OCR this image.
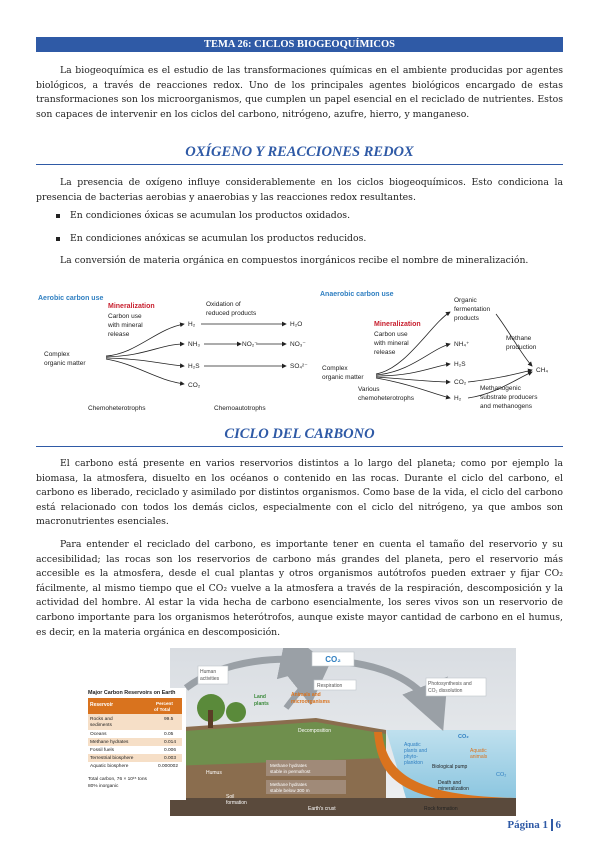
TEMA 26: CICLOS BIOGEOQUÍMICOS

La biogeoquímica es el estudio de las transformaciones químicas en el ambiente producidas por agentes biológicos, a través de reacciones redox. Uno de los principales agentes biológicos encargado de estas transformaciones son los microorganismos, que cumplen un papel esencial en el reciclado de nutrientes. Estos son capaces de intervenir en los ciclos del carbono, nitrógeno, azufre, hierro, y manganeso.

OXÍGENO Y REACCIONES REDOX

La presencia de oxígeno influye considerablemente en los ciclos biogeoquímicos. Esto condiciona la presencia de bacterias aerobias y anaerobias y las reacciones redox resultantes.

En condiciones óxicas se acumulan los productos oxidados.
En condiciones anóxicas se acumulan los productos reducidos.

La conversión de materia orgánica en compuestos inorgánicos recibe el nombre de mineralización.

Aerobic carbon use
Mineralization
Carbon use
with mineral
release
Complex
organic matter
H₂
NH₃
H₂S
CO₂
Oxidation of
reduced products
H₂O
NO₂⁻	NO₃⁻
SO₄²⁻
Chemoheterotrophs	Chemoautotrophs
Anaerobic carbon use
Organic
fermentation
products
Mineralization
Carbon use
with mineral
release
Complex
organic matter
Various
chemoheterotrophs
NH₄⁺
H₂S
CO₂
H₂
Methane
production
CH₄
Methanogenic
substrate producers
and methanogens
CICLO DEL CARBONO

El carbono está presente en varios reservorios distintos a lo largo del planeta; como por ejemplo la biomasa, la atmosfera, disuelto en los océanos o contenido en las rocas. Durante el ciclo del carbono, el carbono es liberado, reciclado y asimilado por distintos organismos. Como base de la vida, el ciclo del carbono está relacionado con todos los demás ciclos, especialmente con el ciclo del nitrógeno, ya que ambos son macronutrientes esenciales.

Para entender el reciclado del carbono, es importante tener en cuenta el tamaño del reservorio y su accesibilidad; las rocas son los reservorios de carbono más grandes del planeta, pero el reservorio más accesible es la atmosfera, desde el cual plantas y otros organismos autótrofos pueden extraer y fijar CO₂ fácilmente, al mismo tiempo que el CO₂ vuelve a la atmosfera a través de la respiración, descomposición y la actividad del hombre. Al estar la vida hecha de carbono esencialmente, los seres vivos son un reservorio de carbono importante para los organismos heterótrofos, aunque existe mayor cantidad de carbono en el humus, es decir, en la materia orgánica en descomposición.

CO₂
Human
activities
Respiration	Photosynthesis and
CO₂ dissolution
Land
plants
Animals and
microorganisms
Decomposition
Aquatic
plants and
phyto-
plankton
CO₂
Aquatic
animals
Biological pump
CO₂
Death and
mineralization
Humus
Methane hydrates
stable in permafrost
Methane hydrates
stable below 300 m
Soil
formation
Earth's crust	Rock formation
Major Carbon Reservoirs on Earth
Reservoir	Percent
of Total
Rocks and
sediments
99.5
Oceans	0.05
Methane hydrates	0.014
Fossil fuels	0.006
Terrestrial biosphere	0.003
Aquatic biosphere	0.000002
Total carbon, 76 × 10¹⁵ tons
80% inorganic
Página 1 6
